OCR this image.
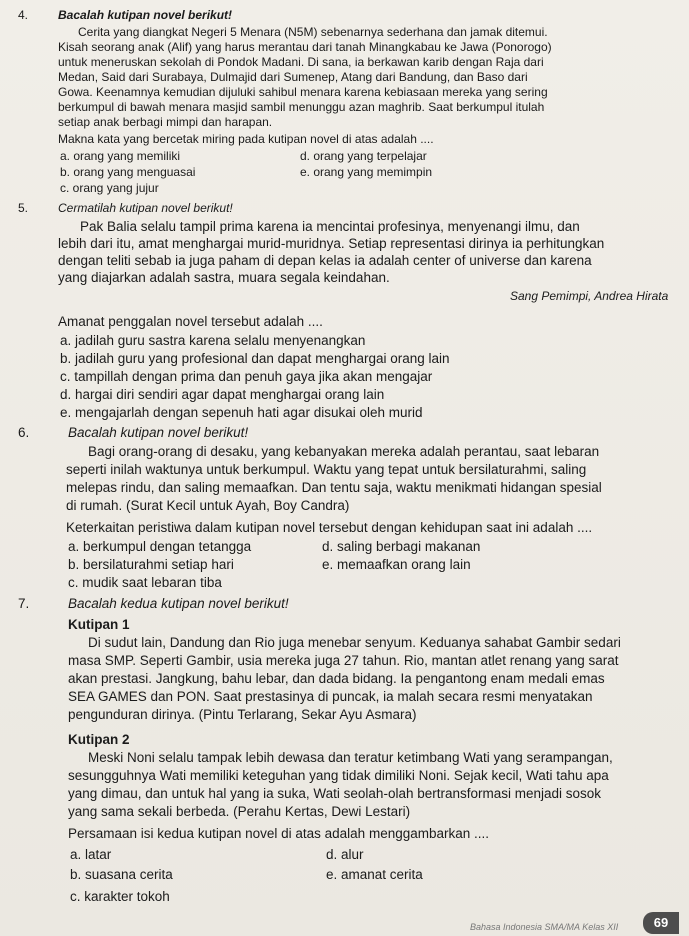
4. Bacalah kutipan novel berikut!
Cerita yang diangkat Negeri 5 Menara (N5M) sebenarnya sederhana dan jamak ditemui.
Kisah seorang anak (Alif) yang harus merantau dari tanah Minangkabau ke Jawa (Ponorogo)
untuk meneruskan sekolah di Pondok Madani. Di sana, ia berkawan karib dengan Raja dari
Medan, Said dari Surabaya, Dulmajid dari Sumenep, Atang dari Bandung, dan Baso dari
Gowa. Keenamnya kemudian dijuluki sahibul menara karena kebiasaan mereka yang sering
berkumpul di bawah menara masjid sambil menunggu azan maghrib. Saat berkumpul itulah
setiap anak berbagi mimpi dan harapan.
Makna kata yang bercetak miring pada kutipan novel di atas adalah ....
a. orang yang memiliki
b. orang yang menguasai
c. orang yang jujur
d. orang yang terpelajar
e. orang yang memimpin
5. Cermatilah kutipan novel berikut!
Pak Balia selalu tampil prima karena ia mencintai profesinya, menyenangi ilmu, dan
lebih dari itu, amat menghargai murid-muridnya. Setiap representasi dirinya ia perhitungkan
dengan teliti sebab ia juga paham di depan kelas ia adalah center of universe dan karena
yang diajarkan adalah sastra, muara segala keindahan.
Sang Pemimpi, Andrea Hirata
Amanat penggalan novel tersebut adalah ....
a. jadilah guru sastra karena selalu menyenangkan
b. jadilah guru yang profesional dan dapat menghargai orang lain
c. tampillah dengan prima dan penuh gaya jika akan mengajar
d. hargai diri sendiri agar dapat menghargai orang lain
e. mengajarlah dengan sepenuh hati agar disukai oleh murid
6.	Bacalah kutipan novel berikut!
Bagi orang-orang di desaku, yang kebanyakan mereka adalah perantau, saat lebaran
seperti inilah waktunya untuk berkumpul. Waktu yang tepat untuk bersilaturahmi, saling
melepas rindu, dan saling memaafkan. Dan tentu saja, waktu menikmati hidangan spesial
di rumah. (Surat Kecil untuk Ayah, Boy Candra)
Keterkaitan peristiwa dalam kutipan novel tersebut dengan kehidupan saat ini adalah ....
a. berkumpul dengan tetangga
b. bersilaturahmi setiap hari
c. mudik saat lebaran tiba
d. saling berbagi makanan
e. memaafkan orang lain
7.	Bacalah kedua kutipan novel berikut!
Kutipan 1
Di sudut lain, Dandung dan Rio juga menebar senyum. Keduanya sahabat Gambir sedari
masa SMP. Seperti Gambir, usia mereka juga 27 tahun. Rio, mantan atlet renang yang sarat
akan prestasi. Jangkung, bahu lebar, dan dada bidang. Ia pengantong enam medali emas
SEA GAMES dan PON. Saat prestasinya di puncak, ia malah secara resmi menyatakan
pengunduran dirinya. (Pintu Terlarang, Sekar Ayu Asmara)
Kutipan 2
Meski Noni selalu tampak lebih dewasa dan teratur ketimbang Wati yang serampangan,
sesungguhnya Wati memiliki keteguhan yang tidak dimiliki Noni. Sejak kecil, Wati tahu apa
yang dimau, dan untuk hal yang ia suka, Wati seolah-olah bertransformasi menjadi sosok
yang sama sekali berbeda. (Perahu Kertas, Dewi Lestari)
Persamaan isi kedua kutipan novel di atas adalah menggambarkan ....
a. latar
b. suasana cerita
c. karakter tokoh
d. alur
e. amanat cerita
Bahasa Indonesia SMA/MA Kelas XII	69
